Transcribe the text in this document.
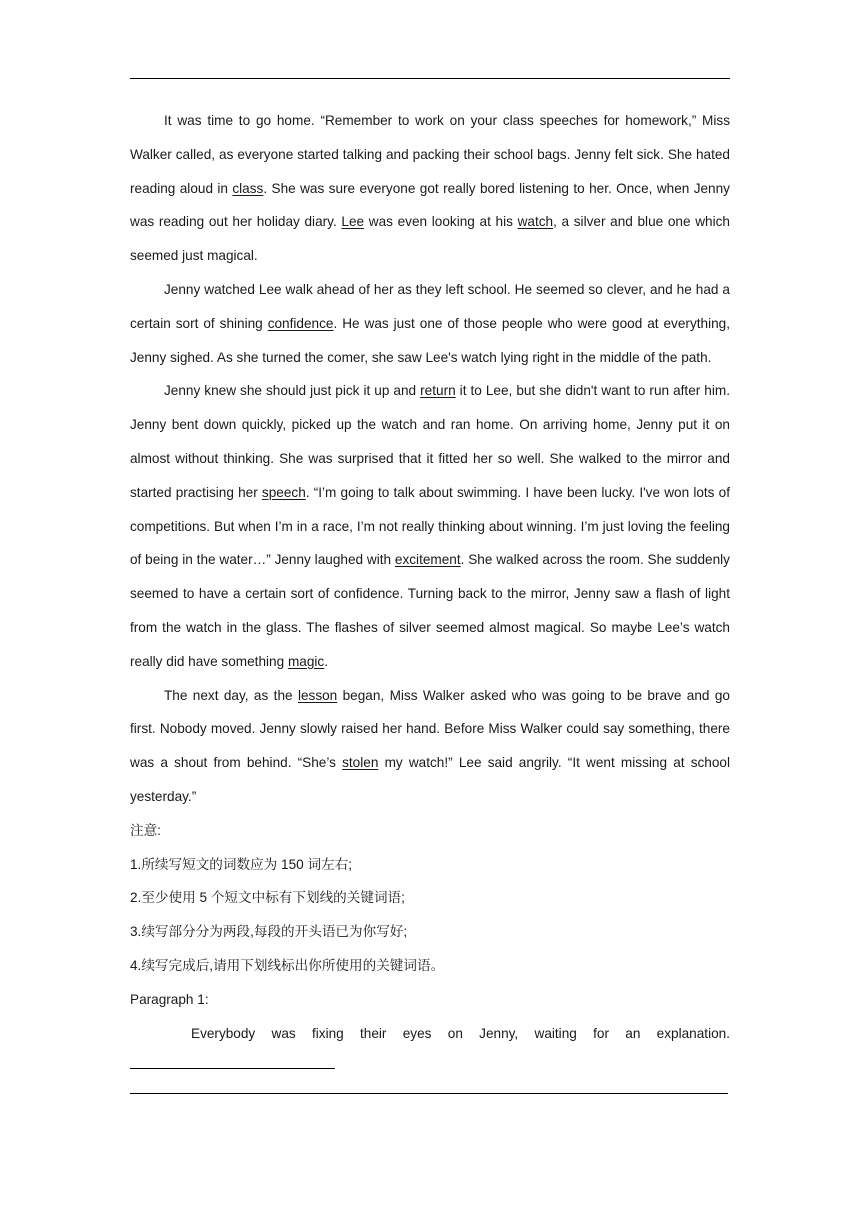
It was time to go home. “Remember to work on your class speeches for homework,” Miss Walker called, as everyone started talking and packing their school bags. Jenny felt sick. She hated reading aloud in class. She was sure everyone got really bored listening to her. Once, when Jenny was reading out her holiday diary. Lee was even looking at his watch, a silver and blue one which seemed just magical.

Jenny watched Lee walk ahead of her as they left school. He seemed so clever, and he had a certain sort of shining confidence. He was just one of those people who were good at everything, Jenny sighed. As she turned the comer, she saw Lee's watch lying right in the middle of the path.

Jenny knew she should just pick it up and return it to Lee, but she didn't want to run after him. Jenny bent down quickly, picked up the watch and ran home. On arriving home, Jenny put it on almost without thinking. She was surprised that it fitted her so well. She walked to the mirror and started practising her speech. “I’m going to talk about swimming. I have been lucky. I've won lots of competitions. But when I’m in a race, I’m not really thinking about winning. I’m just loving the feeling of being in the water…” Jenny laughed with excitement. She walked across the room. She suddenly seemed to have a certain sort of confidence. Turning back to the mirror, Jenny saw a flash of light from the watch in the glass. The flashes of silver seemed almost magical. So maybe Lee’s watch really did have something magic.

The next day, as the lesson began, Miss Walker asked who was going to be brave and go first. Nobody moved. Jenny slowly raised her hand. Before Miss Walker could say something, there was a shout from behind. “She’s stolen my watch!” Lee said angrily. “It went missing at school yesterday.”

注意:

1.所续写短文的词数应为 150 词左右;

2.至少使用 5 个短文中标有下划线的关键词语;

3.续写部分分为两段,每段的开头语已为你写好;

4.续写完成后,请用下划线标出你所使用的关键词语。

Paragraph 1:

Everybody was fixing their eyes on Jenny, waiting for an explanation.
